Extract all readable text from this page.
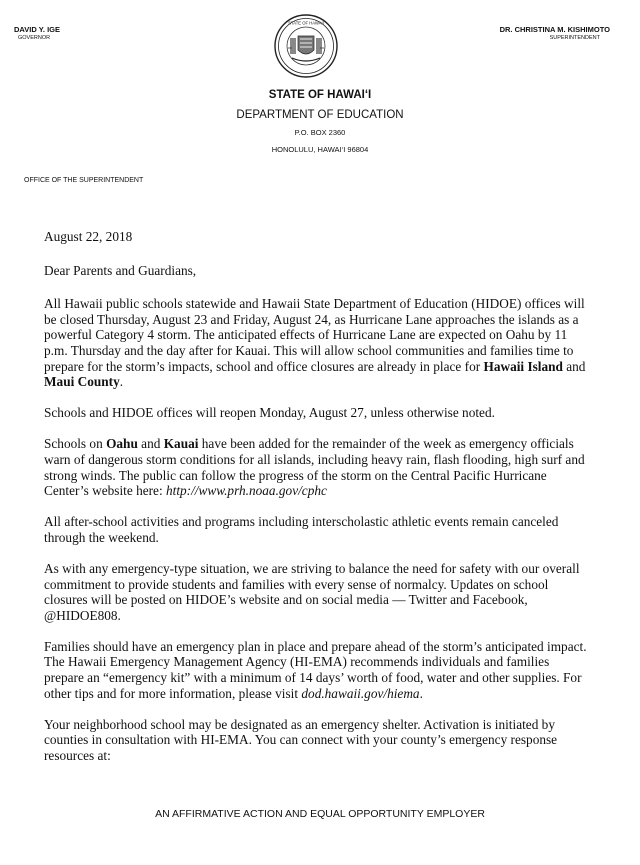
DAVID Y. IGE
GOVERNOR
STATE OF HAWAII
DR. CHRISTINA M. KISHIMOTO
SUPERINTENDENT
STATE OF HAWAI‘I
DEPARTMENT OF EDUCATION
P.O. BOX 2360
HONOLULU, HAWAI‘I 96804
OFFICE OF THE SUPERINTENDENT

August 22, 2018

Dear Parents and Guardians,

All Hawaii public schools statewide and Hawaii State Department of Education (HIDOE) offices will be closed Thursday, August 23 and Friday, August 24, as Hurricane Lane approaches the islands as a powerful Category 4 storm. The anticipated effects of Hurricane Lane are expected on Oahu by 11 p.m. Thursday and the day after for Kauai. This will allow school communities and families time to prepare for the storm’s impacts, school and office closures are already in place for Hawaii Island and Maui County.

Schools and HIDOE offices will reopen Monday, August 27, unless otherwise noted.

Schools on Oahu and Kauai have been added for the remainder of the week as emergency officials warn of dangerous storm conditions for all islands, including heavy rain, flash flooding, high surf and strong winds. The public can follow the progress of the storm on the Central Pacific Hurricane Center’s website here: http://www.prh.noaa.gov/cphc

All after-school activities and programs including interscholastic athletic events remain canceled through the weekend.

As with any emergency-type situation, we are striving to balance the need for safety with our overall commitment to provide students and families with every sense of normalcy. Updates on school closures will be posted on HIDOE’s website and on social media — Twitter and Facebook, @HIDOE808.

Families should have an emergency plan in place and prepare ahead of the storm’s anticipated impact. The Hawaii Emergency Management Agency (HI-EMA) recommends individuals and families prepare an “emergency kit” with a minimum of 14 days’ worth of food, water and other supplies. For other tips and for more information, please visit dod.hawaii.gov/hiema.

Your neighborhood school may be designated as an emergency shelter. Activation is initiated by counties in consultation with HI-EMA. You can connect with your county’s emergency response resources at:

AN AFFIRMATIVE ACTION AND EQUAL OPPORTUNITY EMPLOYER
